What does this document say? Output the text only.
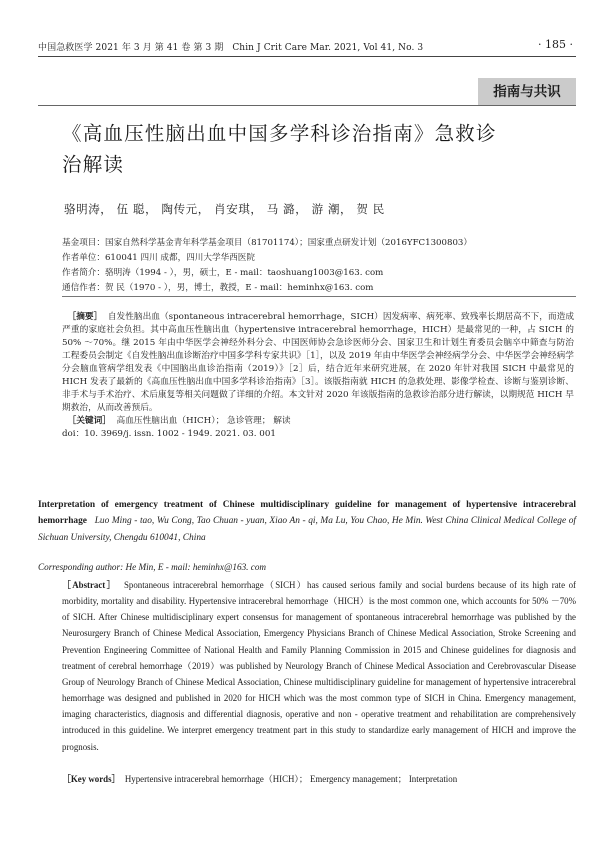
中国急救医学 2021 年 3 月 第 41 卷 第 3 期 Chin J Crit Care Mar. 2021, Vol 41, No. 3	· 185 ·
指南与共识
《高血压性脑出血中国多学科诊治指南》急救诊治解读
骆明涛， 伍 聪， 陶传元， 肖安琪， 马 潞， 游 潮， 贺 民
基金项目：国家自然科学基金青年科学基金项目（81701174）；国家重点研发计划（2016YFC1300803）
作者单位：610041 四川 成都，四川大学华西医院
作者简介：骆明涛（1994 - ），男，硕士，E - mail：taoshuang1003@163. com
通信作者：贺 民（1970 - ），男，博士，教授，E - mail：heminhx@163. com
［摘要］ 自发性脑出血（spontaneous intracerebral hemorrhage，SICH）因发病率、病死率、致残率长期居高不下，而造成严重的家庭社会负担。其中高血压性脑出血（hypertensive intracerebral hemorrhage，HICH）是最常见的一种，占 SICH 的 50% ～70%。继 2015 年由中华医学会神经外科分会、中国医师协会急诊医师分会、国家卫生和计划生育委员会脑卒中筛查与防治工程委员会制定《自发性脑出血诊断治疗中国多学科专家共识》［1］，以及 2019 年由中华医学会神经病学分会、中华医学会神经病学分会脑血管病学组发表《中国脑出血诊治指南（2019）》［2］后，结合近年来研究进展，在 2020 年针对我国 SICH 中最常见的 HICH 发表了最新的《高血压性脑出血中国多学科诊治指南》［3］。该版指南就 HICH 的急救处理、影像学检查、诊断与鉴别诊断、非手术与手术治疗、术后康复等相关问题做了详细的介绍。本文针对 2020 年该版指南的急救诊治部分进行解读，以期规范 HICH 早期救治，从而改善预后。
［关键词］ 高血压性脑出血（HICH）； 急诊管理； 解读
doi：10. 3969/j. issn. 1002 - 1949. 2021. 03. 001
Interpretation of emergency treatment of Chinese multidisciplinary guideline for management of hypertensive intracerebral hemorrhage Luo Ming - tao, Wu Cong, Tao Chuan - yuan, Xiao An - qi, Ma Lu, You Chao, He Min. West China Clinical Medical College of Sichuan University, Chengdu 610041, China
Corresponding author: He Min, E - mail: heminhx@163. com
［Abstract］ Spontaneous intracerebral hemorrhage（SICH）has caused serious family and social burdens because of its high rate of morbidity, mortality and disability. Hypertensive intracerebral hemorrhage（HICH）is the most common one, which accounts for 50% －70% of SICH. After Chinese multidisciplinary expert consensus for management of spontaneous intracerebral hemorrhage was published by the Neurosurgery Branch of Chinese Medical Association, Emergency Physicians Branch of Chinese Medical Association, Stroke Screening and Prevention Engineering Committee of National Health and Family Planning Commission in 2015 and Chinese guidelines for diagnosis and treatment of cerebral hemorrhage（2019）was published by Neurology Branch of Chinese Medical Association and Cerebrovascular Disease Group of Neurology Branch of Chinese Medical Association, Chinese multidisciplinary guideline for management of hypertensive intracerebral hemorrhage was designed and published in 2020 for HICH which was the most common type of SICH in China. Emergency management, imaging characteristics, diagnosis and differential diagnosis, operative and non - operative treatment and rehabilitation are comprehensively introduced in this guideline. We interpret emergency treatment part in this study to standardize early management of HICH and improve the prognosis.
［Key words］ Hypertensive intracerebral hemorrhage（HICH）； Emergency management； Interpretation
